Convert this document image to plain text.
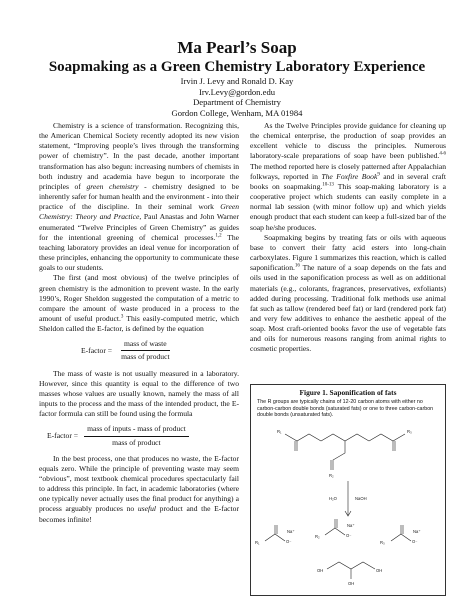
Ma Pearl’s Soap
Soapmaking as a Green Chemistry Laboratory Experience
Irvin J. Levy and Ronald D. Kay
Irv.Levy@gordon.edu
Department of Chemistry
Gordon College, Wenham, MA 01984

Chemistry is a science of transformation. Recognizing this, the American Chemical Society recently adopted its new vision statement, “Improving people’s lives through the transforming power of chemistry”. In the past decade, another important transformation has also begun: increasing numbers of chemists in both industry and academia have begun to incorporate the principles of green chemistry - chemistry designed to be inherently safer for human health and the environment - into their practice of the discipline. In their seminal work Green Chemistry: Theory and Practice, Paul Anastas and John Warner enumerated “Twelve Principles of Green Chemistry” as guides for the intentional greening of chemical processes.$^{1,2}$ The teaching laboratory provides an ideal venue for incorporation of these principles, enhancing the opportunity to communicate these goals to our students.

The first (and most obvious) of the twelve principles of green chemistry is the admonition to prevent waste. In the early 1990’s, Roger Sheldon suggested the computation of a metric to compare the amount of waste produced in a process to the amount of useful product.$^3$ This easily-computed metric, which Sheldon called the E-factor, is defined by the equation

E-factor = $\frac{\text{mass of waste}}{\text{mass of product}}$

The mass of waste is not usually measured in a laboratory. However, since this quantity is equal to the difference of two masses whose values are usually known, namely the mass of all inputs to the process and the mass of the intended product, the E-factor formula can still be found using the formula

E-factor = $\frac{\text{mass of inputs - mass of product}}{\text{mass of product}}$

In the best process, one that produces no waste, the E-factor equals zero. While the principle of preventing waste may seem “obvious”, most textbook chemical procedures spectacularly fail to address this principle. In fact, in academic laboratories (where one typically never actually uses the final product for anything) a process arguably produces no useful product and the E-factor becomes infinite!

As the Twelve Principles provide guidance for cleaning up the chemical enterprise, the production of soap provides an excellent vehicle to discuss the principles. Numerous laboratory-scale preparations of soap have been published.$^{4-6}$ The method reported here is closely patterned after Appalachian folkways, reported in The Foxfire Book$^9$ and in several craft books on soapmaking.$^{10-13}$ This soap-making laboratory is a cooperative project which students can easily complete in a normal lab session (with minor follow up) and which yields enough product that each student can keep a full-sized bar of the soap he/she produces.

Soapmaking begins by treating fats or oils with aqueous base to convert their fatty acid esters into long-chain carboxylates. Figure 1 summarizes this reaction, which is called saponification.$^{16}$ The nature of a soap depends on the fats and oils used in the saponification process as well as on additional materials (e.g., colorants, fragrances, preservatives, exfoliants) added during processing. Traditional folk methods use animal fat such as tallow (rendered beef fat) or lard (rendered pork fat) and very few additives to enhance the aesthetic appeal of the soap. Most craft-oriented books favor the use of vegetable fats and oils for numerous reasons ranging from animal rights to cosmetic properties.

Figure 1. Saponification of fats
The R groups are typically chains of 12-20 carbon atoms with either no carbon-carbon double bonds (saturated fats) or one to three carbon-carbon double bonds (unsaturated fats).
R₁
R₂
R₃
H₂O	NaOH
R₁	O⁻
Na⁺
R₂	O⁻
Na⁺
R₃	O⁻
Na⁺
OH
OH
OH
